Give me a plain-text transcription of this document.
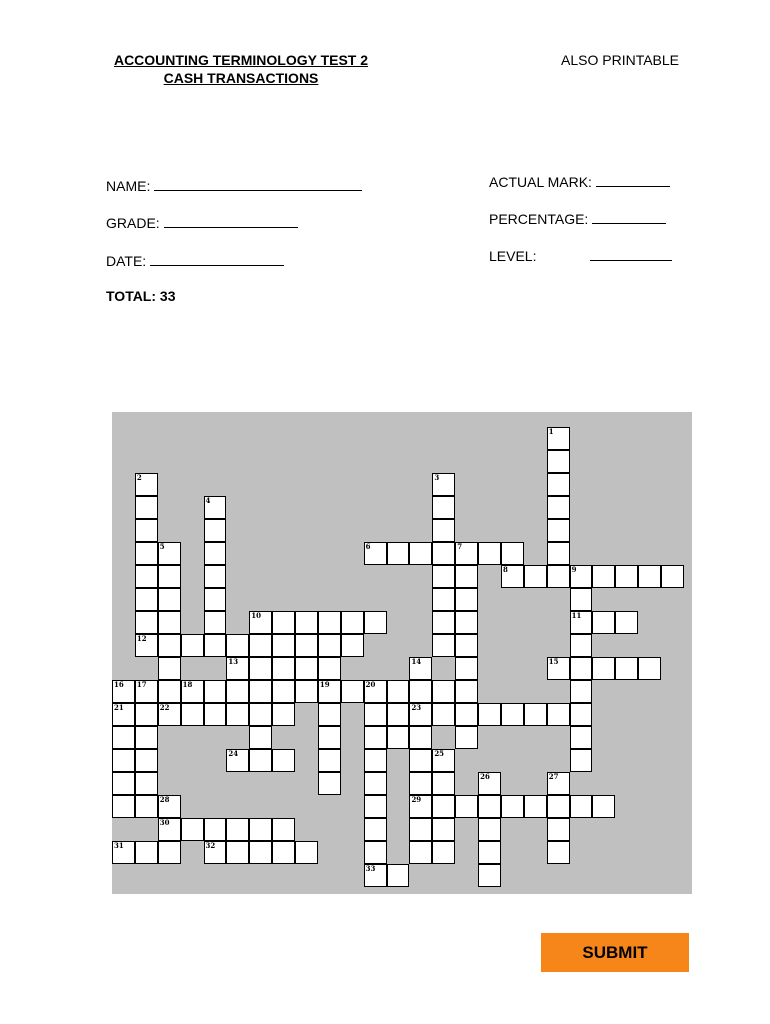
ACCOUNTING TERMINOLOGY TEST 2
CASH TRANSACTIONS
ALSO PRINTABLE
NAME:
GRADE:
DATE:
ACTUAL MARK:
PERCENTAGE:
LEVEL:
TOTAL: 33
1
2
12
3
4
5
22
6	7
8	9
11
10
13	14
23
29
15
16
21
17	18	19	20
24	25
26	27
28
30
31	32
33
SUBMIT
